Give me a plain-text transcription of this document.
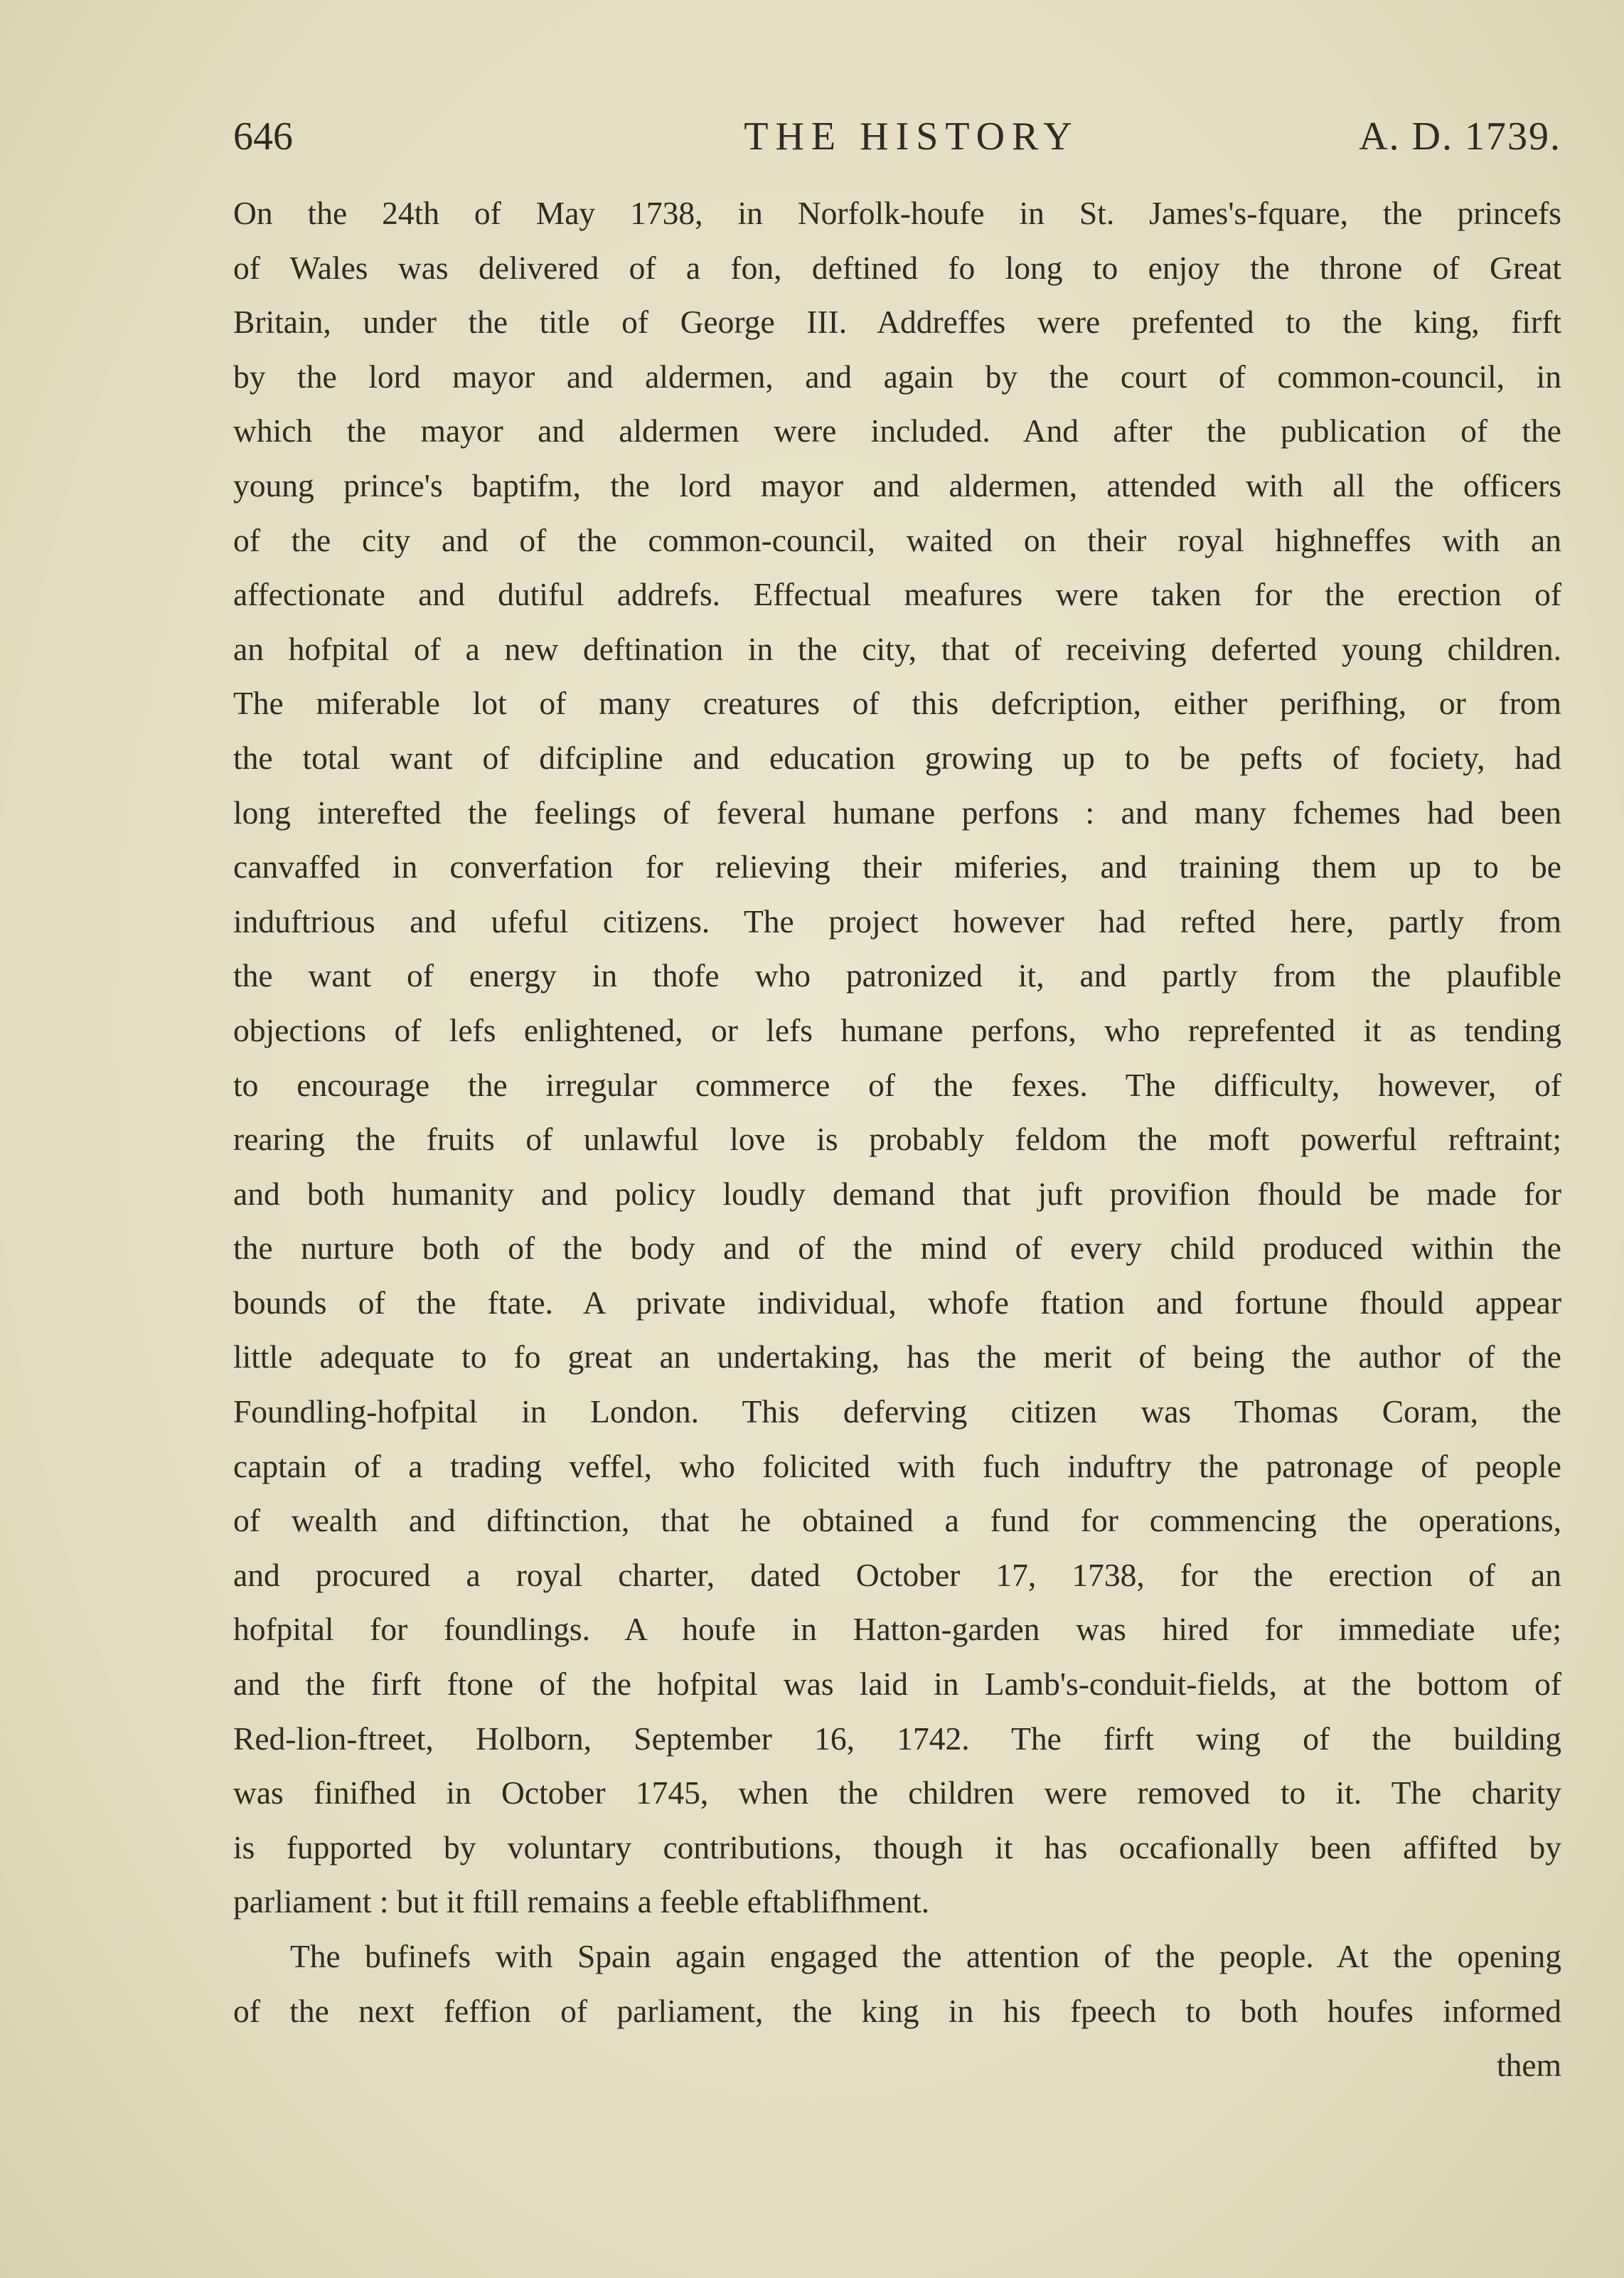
646	THE HISTORY	A. D. 1739.
On the 24th of May 1738, in Norfolk-houfe in St. James's-fquare, the princefs
of Wales was delivered of a fon, deftined fo long to enjoy the throne of Great
Britain, under the title of George III. Addreffes were prefented to the king, firft
by the lord mayor and aldermen, and again by the court of common-council, in
which the mayor and aldermen were included. And after the publication of the
young prince's baptifm, the lord mayor and aldermen, attended with all the officers
of the city and of the common-council, waited on their royal highneffes with an
affectionate and dutiful addrefs. Effectual meafures were taken for the erection of
an hofpital of a new deftination in the city, that of receiving deferted young children.
The miferable lot of many creatures of this defcription, either perifhing, or from
the total want of difcipline and education growing up to be pefts of fociety, had
long interefted the feelings of feveral humane perfons : and many fchemes had been
canvaffed in converfation for relieving their miferies, and training them up to be
induftrious and ufeful citizens. The project however had refted here, partly from
the want of energy in thofe who patronized it, and partly from the plaufible
objections of lefs enlightened, or lefs humane perfons, who reprefented it as tending
to encourage the irregular commerce of the fexes. The difficulty, however, of
rearing the fruits of unlawful love is probably feldom the moft powerful reftraint;
and both humanity and policy loudly demand that juft provifion fhould be made for
the nurture both of the body and of the mind of every child produced within the
bounds of the ftate. A private individual, whofe ftation and fortune fhould appear
little adequate to fo great an undertaking, has the merit of being the author of the
Foundling-hofpital in London. This deferving citizen was Thomas Coram, the
captain of a trading veffel, who folicited with fuch induftry the patronage of people
of wealth and diftinction, that he obtained a fund for commencing the operations,
and procured a royal charter, dated October 17, 1738, for the erection of an
hofpital for foundlings. A houfe in Hatton-garden was hired for immediate ufe;
and the firft ftone of the hofpital was laid in Lamb's-conduit-fields, at the bottom of
Red-lion-ftreet, Holborn, September 16, 1742. The firft wing of the building
was finifhed in October 1745, when the children were removed to it. The charity
is fupported by voluntary contributions, though it has occafionally been affifted by
parliament : but it ftill remains a feeble eftablifhment.
The bufinefs with Spain again engaged the attention of the people. At the opening
of the next feffion of parliament, the king in his fpeech to both houfes informed
them
